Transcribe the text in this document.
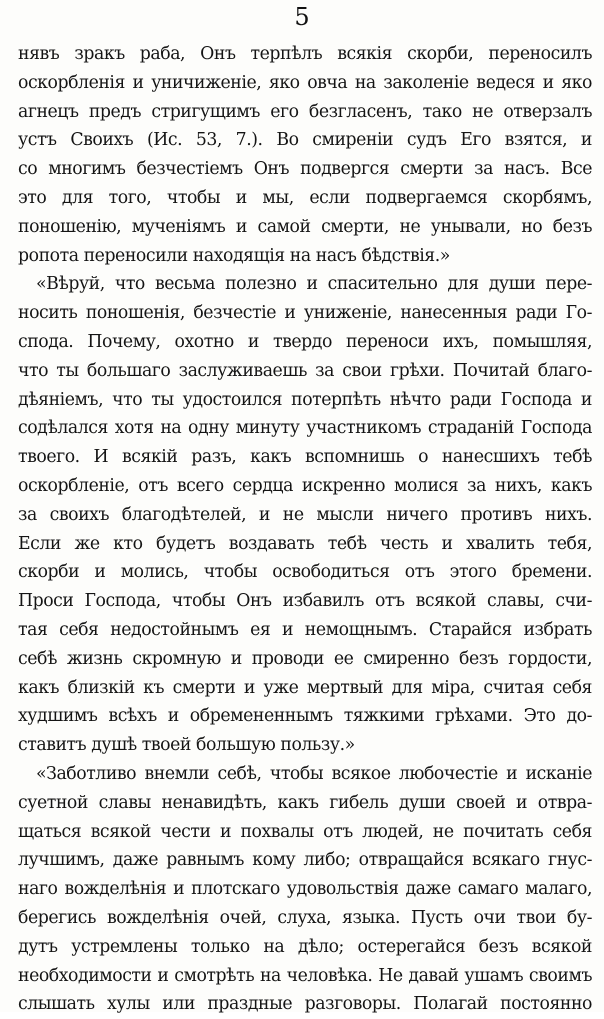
5
нявъ зракъ раба, Онъ терпѣлъ всякія скорби, переносилъ
оскорбленія и уничиженіе, яко овча на заколеніе ведеся и яко
агнецъ предъ стригущимъ его безгласенъ, тако не отверзалъ
устъ Своихъ (Ис. 53, 7.). Во смиреніи судъ Его взятся, и
со многимъ безчестіемъ Онъ подвергся смерти за насъ. Все
это для того, чтобы и мы, если подвергаемся скорбямъ,
поношенію, мученіямъ и самой смерти, не унывали, но безъ
ропота переносили находящія на насъ бѣдствія.»
«Вѣруй, что весьма полезно и спасительно для души пере-
носить поношенія, безчестіе и униженіе, нанесенныя ради Го-
спода. Почему, охотно и твердо переноси ихъ, помышляя,
что ты большаго заслуживаешь за свои грѣхи. Почитай благо-
дѣяніемъ, что ты удостоился потерпѣть нѣчто ради Господа и
содѣлался хотя на одну минуту участникомъ страданій Господа
твоего. И всякій разъ, какъ вспомнишь о нанесшихъ тебѣ
оскорбленіе, отъ всего сердца искренно молися за нихъ, какъ
за своихъ благодѣтелей, и не мысли ничего противъ нихъ.
Если же кто будетъ воздавать тебѣ честь и хвалить тебя,
скорби и молись, чтобы освободиться отъ этого бремени.
Проси Господа, чтобы Онъ избавилъ отъ всякой славы, счи-
тая себя недостойнымъ ея и немощнымъ. Старайся избрать
себѣ жизнь скромную и проводи ее смиренно безъ гордости,
какъ близкій къ смерти и уже мертвый для міра, считая себя
худшимъ всѣхъ и обремененнымъ тяжкими грѣхами. Это до-
ставитъ душѣ твоей большую пользу.»
«Заботливо внемли себѣ, чтобы всякое любочестіе и исканіе
суетной славы ненавидѣть, какъ гибель души своей и отвра-
щаться всякой чести и похвалы отъ людей, не почитать себя
лучшимъ, даже равнымъ кому либо; отвращайся всякаго гнус-
наго вожделѣнія и плотскаго удовольствія даже самаго малаго,
берегись вожделѣнія очей, слуха, языка. Пусть очи твои бу-
дутъ устремлены только на дѣло; остерегайся безъ всякой
необходимости и смотрѣть на человѣка. Не давай ушамъ своимъ
слышать хулы или праздные разговоры. Полагай постоянно
